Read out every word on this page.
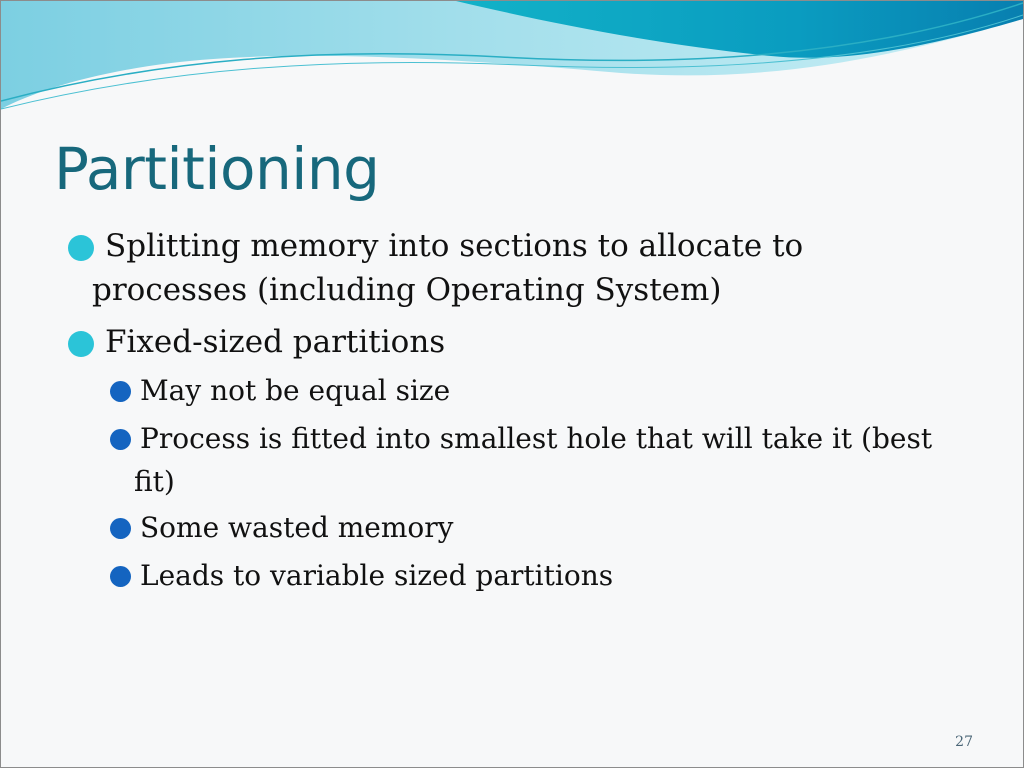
Partitioning
Splitting memory into sections to allocate to processes (including Operating System)
Fixed-sized partitions
May not be equal size
Process is fitted into smallest hole that will take it (best fit)
Some wasted memory
Leads to variable sized partitions
27
